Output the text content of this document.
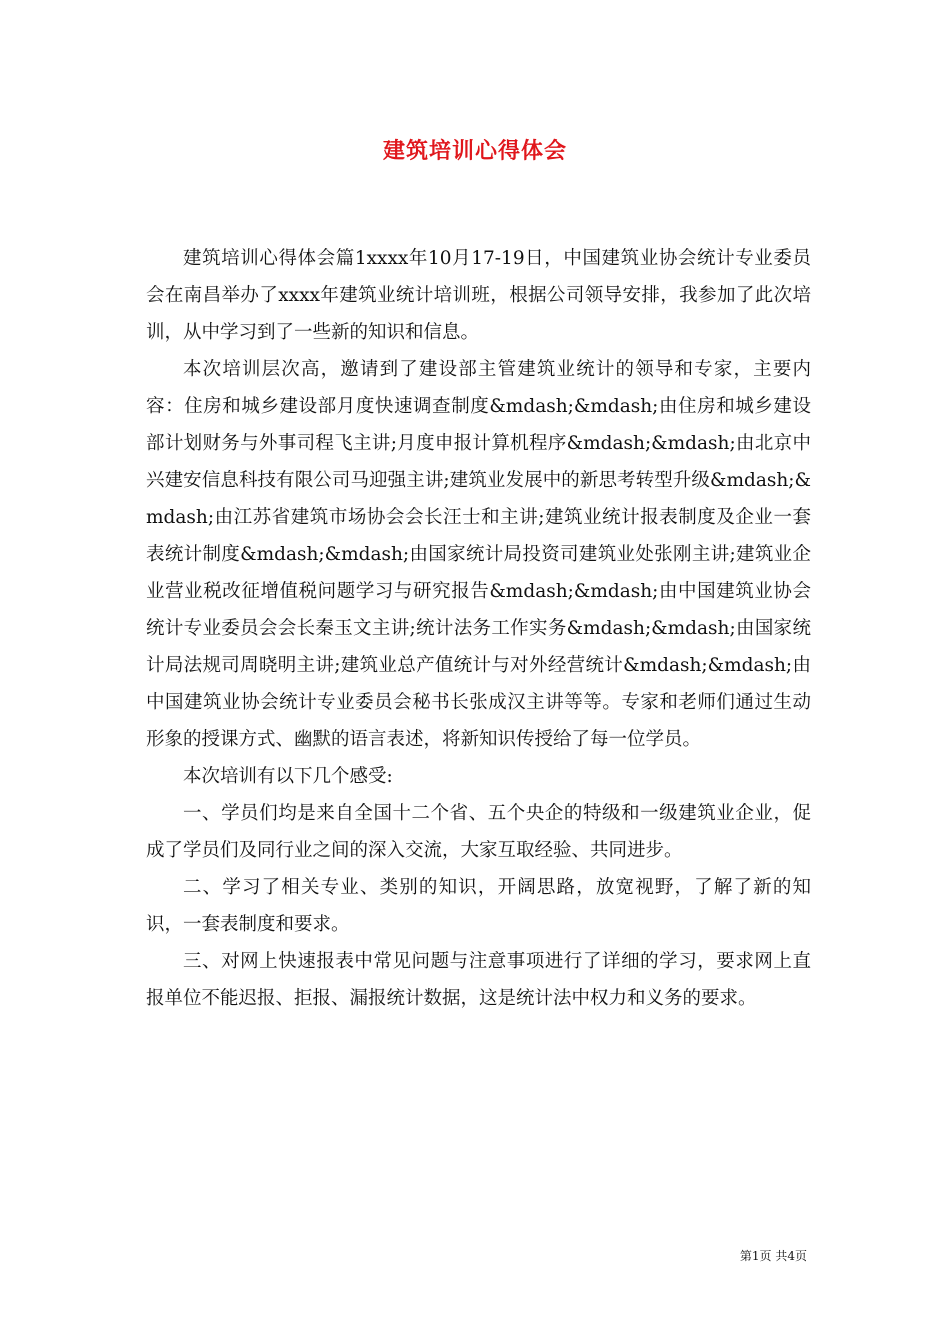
建筑培训心得体会

建筑培训心得体会篇1xxxx年10月17-19日，中国建筑业协会统计专业委员会在南昌举办了xxxx年建筑业统计培训班，根据公司领导安排，我参加了此次培训，从中学习到了一些新的知识和信息。

本次培训层次高，邀请到了建设部主管建筑业统计的领导和专家，主要内容：住房和城乡建设部月度快速调查制度&mdash;&mdash;由住房和城乡建设部计划财务与外事司程飞主讲;月度申报计算机程序&mdash;&mdash;由北京中兴建安信息科技有限公司马迎强主讲;建筑业发展中的新思考转型升级&mdash;&mdash;由江苏省建筑市场协会会长汪士和主讲;建筑业统计报表制度及企业一套表统计制度&mdash;&mdash;由国家统计局投资司建筑业处张刚主讲;建筑业企业营业税改征增值税问题学习与研究报告&mdash;&mdash;由中国建筑业协会统计专业委员会会长秦玉文主讲;统计法务工作实务&mdash;&mdash;由国家统计局法规司周晓明主讲;建筑业总产值统计与对外经营统计&mdash;&mdash;由中国建筑业协会统计专业委员会秘书长张成汉主讲等等。专家和老师们通过生动形象的授课方式、幽默的语言表述，将新知识传授给了每一位学员。

本次培训有以下几个感受:

一、学员们均是来自全国十二个省、五个央企的特级和一级建筑业企业，促成了学员们及同行业之间的深入交流，大家互取经验、共同进步。

二、学习了相关专业、类别的知识，开阔思路，放宽视野，了解了新的知识，一套表制度和要求。

三、对网上快速报表中常见问题与注意事项进行了详细的学习，要求网上直报单位不能迟报、拒报、漏报统计数据，这是统计法中权力和义务的要求。

第1页 共4页
